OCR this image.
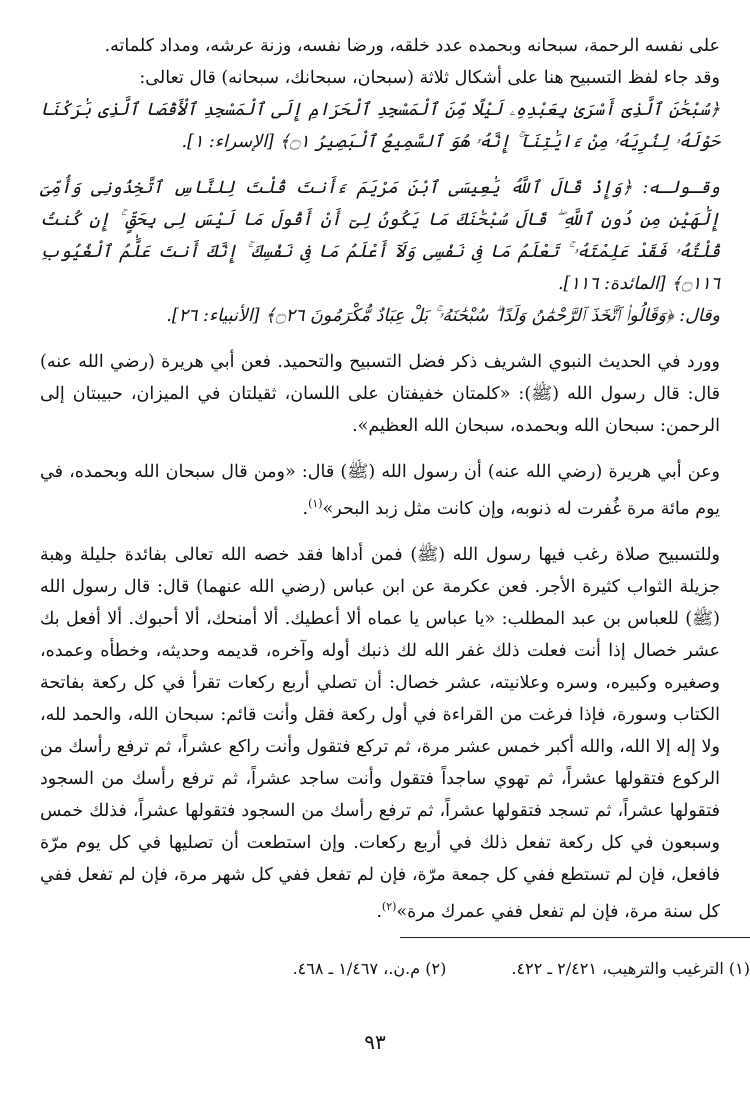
على نفسه الرحمة، سبحانه وبحمده عدد خلقه، ورضا نفسه، وزنة عرشه، ومداد كلماته.

وقد جاء لفظ التسبيح هنا على أشكال ثلاثة (سبحان، سبحانك، سبحانه) قال تعالى:

﴿سُبْحَٰنَ ٱلَّذِىٓ أَسْرَىٰ بِعَبْدِهِۦ لَيْلًا مِّنَ ٱلْمَسْجِدِ ٱلْحَرَامِ إِلَى ٱلْمَسْجِدِ ٱلْأَقْصَا ٱلَّذِى بَٰرَكْنَا حَوْلَهُۥ لِنُرِيَهُۥ مِنْ ءَايَٰتِنَآ ۚ إِنَّهُۥ هُوَ ٱلسَّمِيعُ ٱلْبَصِيرُ ۝١﴾ [الإسراء: ١].

وقـولـه: ﴿وَإِذْ قَالَ ٱللَّهُ يَٰعِيسَى ٱبْنَ مَرْيَمَ ءَأَنتَ قُلْتَ لِلنَّاسِ ٱتَّخِذُونِى وَأُمِّىَ إِلَٰهَيْنِ مِن دُونِ ٱللَّهِ ۖ قَالَ سُبْحَٰنَكَ مَا يَكُونُ لِىٓ أَنْ أَقُولَ مَا لَيْسَ لِى بِحَقٍّ ۚ إِن كُنتُ قُلْتُهُۥ فَقَدْ عَلِمْتَهُۥ ۚ تَعْلَمُ مَا فِى نَفْسِى وَلَآ أَعْلَمُ مَا فِى نَفْسِكَ ۚ إِنَّكَ أَنتَ عَلَّٰمُ ٱلْغُيُوبِ ۝١١٦﴾ [المائدة: ١١٦].

وقال: ﴿وَقَالُوا۟ ٱتَّخَذَ ٱلرَّحْمَٰنُ وَلَدًا ۗ سُبْحَٰنَهُۥ ۚ بَلْ عِبَادٌ مُّكْرَمُونَ ۝٢٦﴾ [الأنبياء: ٢٦].

وورد في الحديث النبوي الشريف ذكر فضل التسبيح والتحميد. فعن أبي هريرة (رضي الله عنه) قال: قال رسول الله (ﷺ): «كلمتان خفيفتان على اللسان، ثقيلتان في الميزان، حبيبتان إلى الرحمن: سبحان الله وبحمده، سبحان الله العظيم».

وعن أبي هريرة (رضي الله عنه) أن رسول الله (ﷺ) قال: «ومن قال سبحان الله وبحمده، في يوم مائة مرة غُفرت له ذنوبه، وإن كانت مثل زبد البحر»$^{(١)}$.

وللتسبيح صلاة رغب فيها رسول الله (ﷺ) فمن أداها فقد خصه الله تعالى بفائدة جليلة وهبة جزيلة الثواب كثيرة الأجر. فعن عكرمة عن ابن عباس (رضي الله عنهما) قال: قال رسول الله (ﷺ) للعباس بن عبد المطلب: «يا عباس يا عماه ألا أعطيك. ألا أمنحك، ألا أحبوك. ألا أفعل بك عشر خصال إذا أنت فعلت ذلك غفر الله لك ذنبك أوله وآخره، قديمه وحديثه، وخطأه وعمده، وصغيره وكبيره، وسره وعلانيته، عشر خصال: أن تصلي أربع ركعات تقرأ في كل ركعة بفاتحة الكتاب وسورة، فإذا فرغت من القراءة في أول ركعة فقل وأنت قائم: سبحان الله، والحمد لله، ولا إله إلا الله، والله أكبر خمس عشر مرة، ثم تركع فتقول وأنت راكع عشراً، ثم ترفع رأسك من الركوع فتقولها عشراً، ثم تهوي ساجداً فتقول وأنت ساجد عشراً، ثم ترفع رأسك من السجود فتقولها عشراً، ثم تسجد فتقولها عشراً، ثم ترفع رأسك من السجود فتقولها عشراً، فذلك خمس وسبعون في كل ركعة تفعل ذلك في أربع ركعات. وإن استطعت أن تصليها في كل يوم مرّة فافعل، فإن لم تستطع ففي كل جمعة مرّة، فإن لم تفعل ففي كل شهر مرة، فإن لم تفعل ففي كل سنة مرة، فإن لم تفعل ففي عمرك مرة»$^{(٢)}$.

(١) الترغيب والترهيب، ٢/٤٢١ ـ ٤٢٢. (٢) م.ن.، ١/٤٦٧ ـ ٤٦٨.
٩٣
